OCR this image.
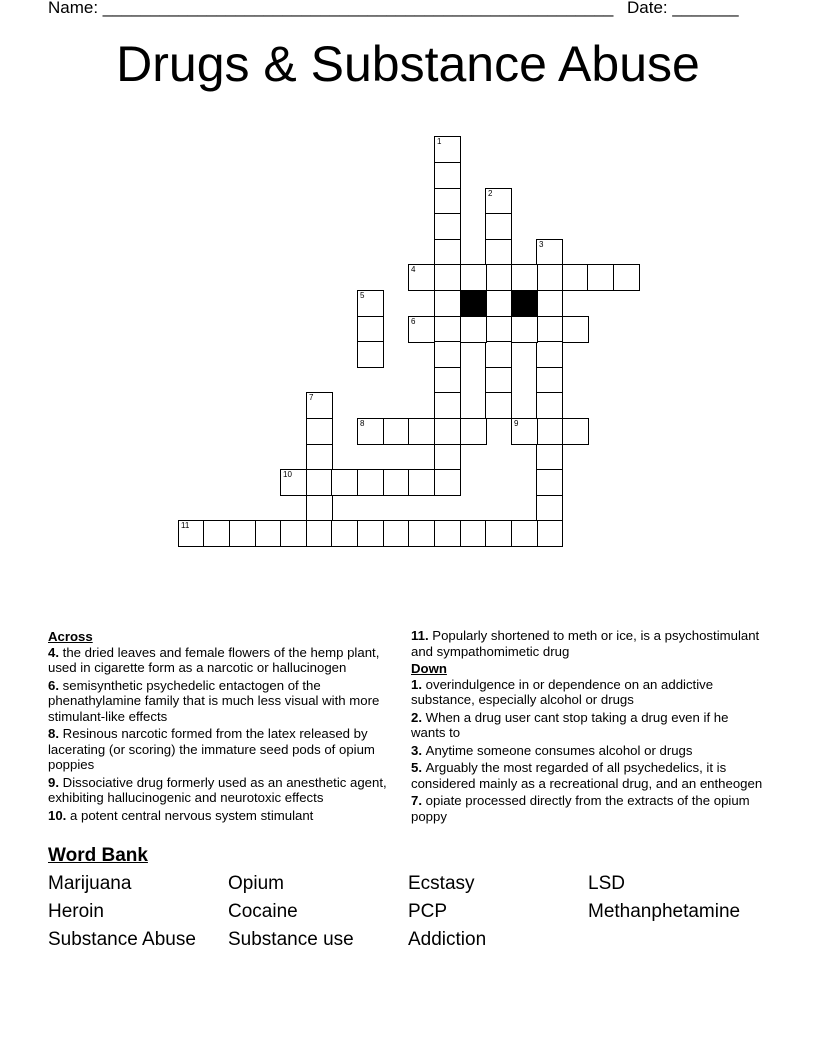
Name: ______________________________________________________ Date: _______
Drugs & Substance Abuse
1
2
3
4
5
6
7
8	9
10
11
Across
4. the dried leaves and female flowers of the hemp plant, used in cigarette form as a narcotic or hallucinogen
6. semisynthetic psychedelic entactogen of the phenathylamine family that is much less visual with more stimulant-like effects
8. Resinous narcotic formed from the latex released by lacerating (or scoring) the immature seed pods of opium poppies
9. Dissociative drug formerly used as an anesthetic agent, exhibiting hallucinogenic and neurotoxic effects
10. a potent central nervous system stimulant
11. Popularly shortened to meth or ice, is a psychostimulant and sympathomimetic drug
Down
1. overindulgence in or dependence on an addictive substance, especially alcohol or drugs
2. When a drug user cant stop taking a drug even if he wants to
3. Anytime someone consumes alcohol or drugs
5. Arguably the most regarded of all psychedelics, it is considered mainly as a recreational drug, and an entheogen
7. opiate processed directly from the extracts of the opium poppy
Word Bank
Marijuana	Opium	Ecstasy	LSD
Heroin	Cocaine	PCP	Methanphetamine
Substance Abuse	Substance use	Addiction
